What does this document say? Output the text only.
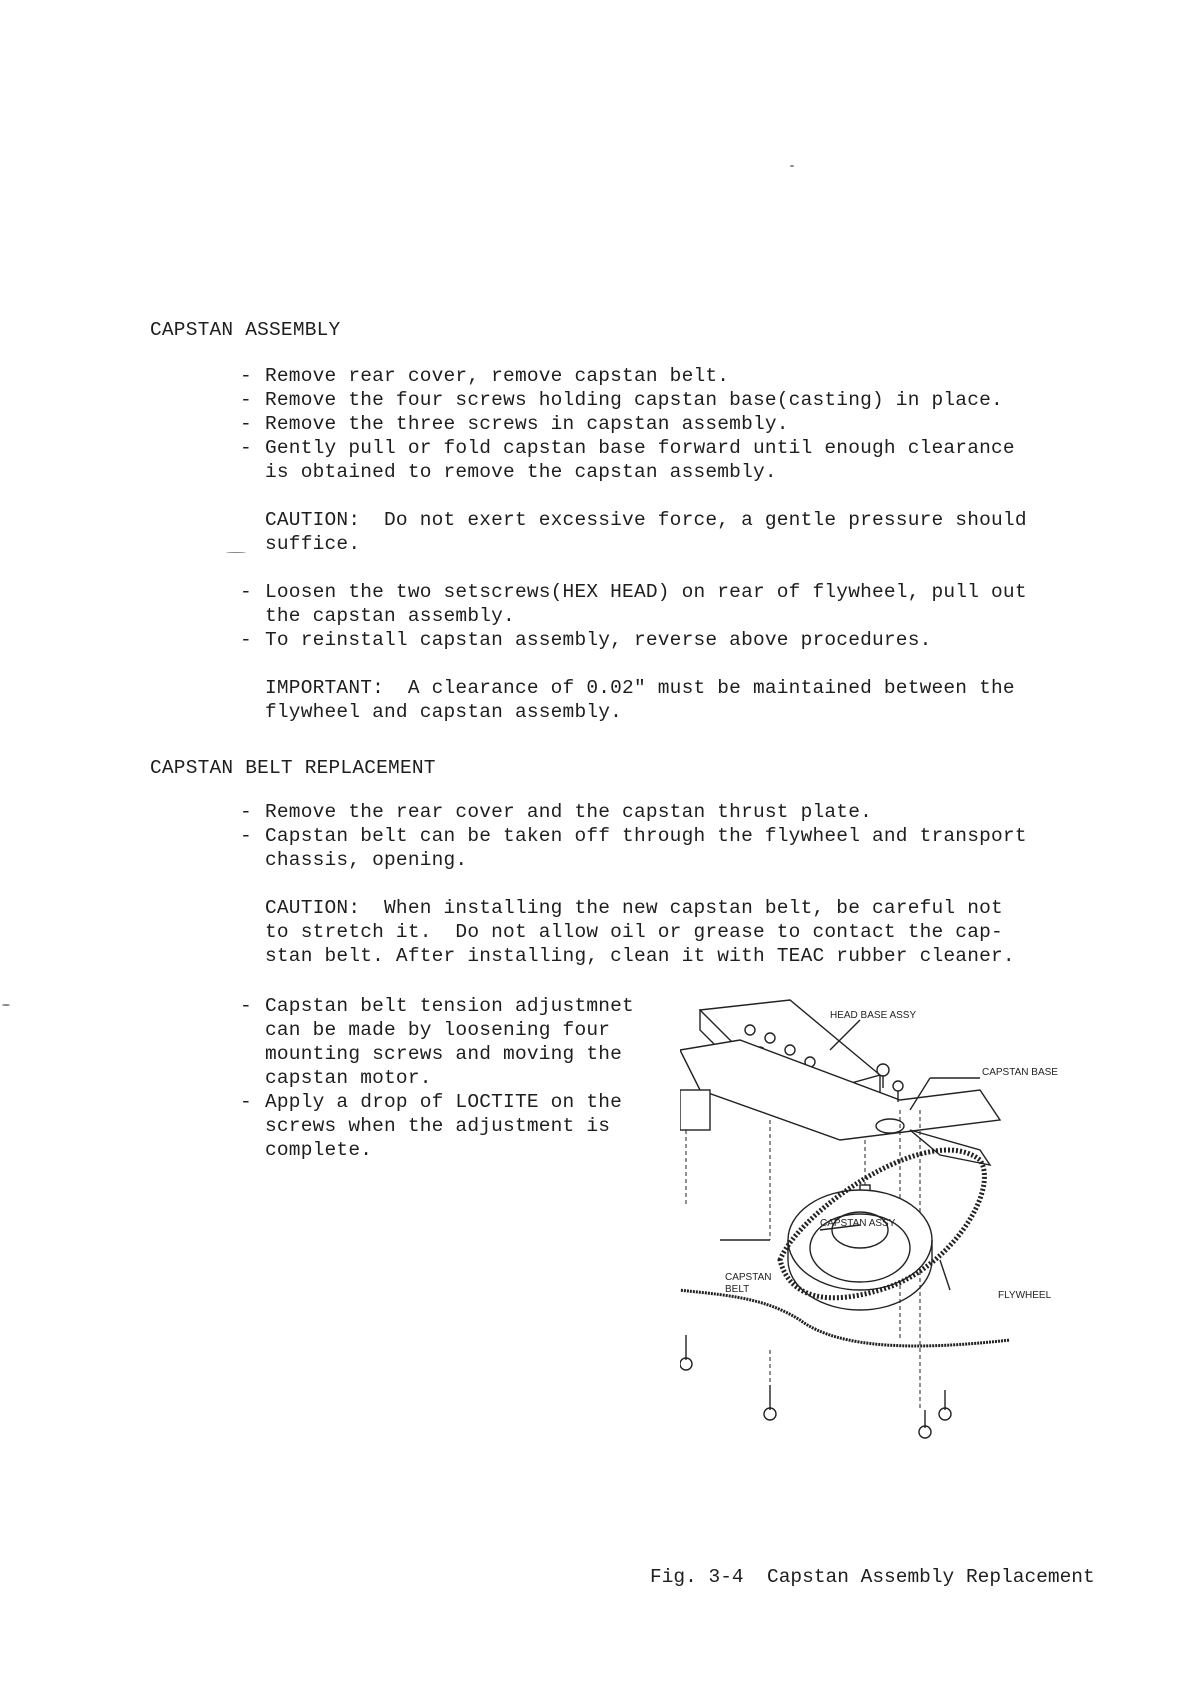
CAPSTAN ASSEMBLY
- Remove rear cover, remove capstan belt.
- Remove the four screws holding capstan base(casting) in place.
- Remove the three screws in capstan assembly.
- Gently pull or fold capstan base forward until enough clearance
is obtained to remove the capstan assembly.
CAUTION:  Do not exert excessive force, a gentle pressure should
suffice.
- Loosen the two setscrews(HEX HEAD) on rear of flywheel, pull out
the capstan assembly.
- To reinstall capstan assembly, reverse above procedures.
IMPORTANT:  A clearance of 0.02" must be maintained between the
flywheel and capstan assembly.
CAPSTAN BELT REPLACEMENT
- Remove the rear cover and the capstan thrust plate.
- Capstan belt can be taken off through the flywheel and transport
chassis, opening.
CAUTION:  When installing the new capstan belt, be careful not
to stretch it.  Do not allow oil or grease to contact the cap-
stan belt. After installing, clean it with TEAC rubber cleaner.
- Capstan belt tension adjustmnet
can be made by loosening four
mounting screws and moving the
capstan motor.
- Apply a drop of LOCTITE on the
screws when the adjustment is
complete.
HEAD BASE ASSY
CAPSTAN BASE
CAPSTAN ASSY
CAPSTAN
BELT
FLYWHEEL
Fig. 3-4  Capstan Assembly Replacement
